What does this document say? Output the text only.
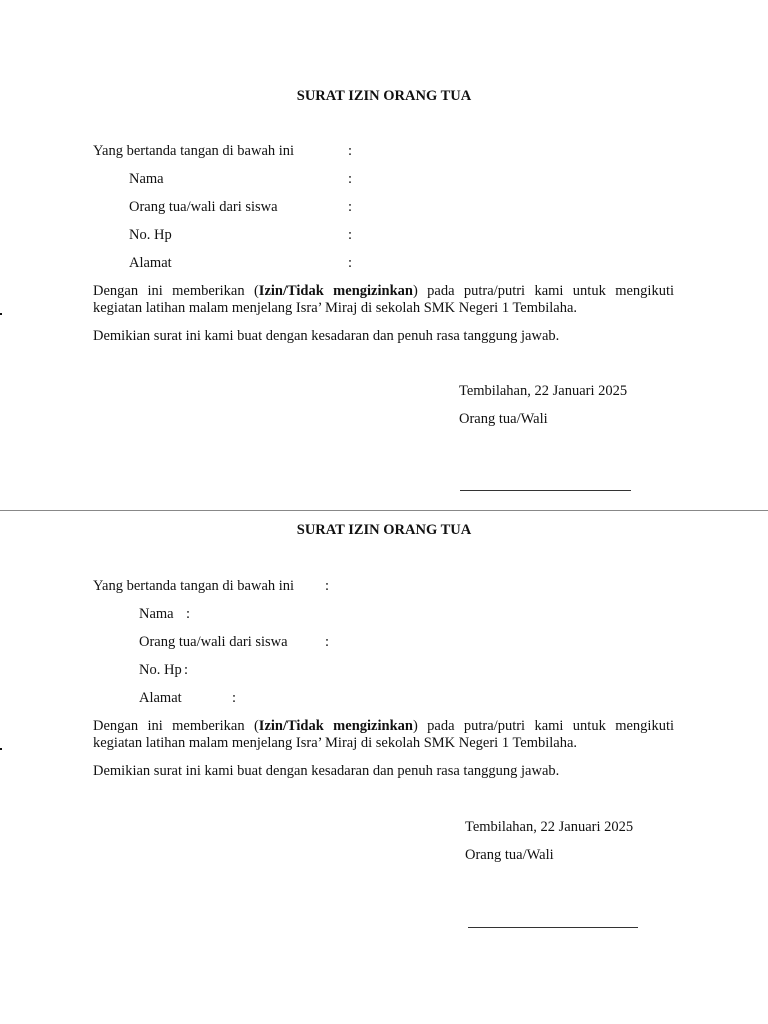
SURAT IZIN ORANG TUA
Yang bertanda tangan di bawah ini	:
Nama	:
Orang tua/wali dari siswa	:
No. Hp	:
Alamat	:
Dengan ini memberikan (Izin/Tidak mengizinkan) pada putra/putri kami untuk mengikuti kegiatan latihan malam menjelang Isra’ Miraj di sekolah SMK Negeri 1 Tembilaha.
Demikian surat ini kami buat dengan kesadaran dan penuh rasa tanggung jawab.
Tembilahan, 22 Januari 2025
Orang tua/Wali
SURAT IZIN ORANG TUA
Yang bertanda tangan di bawah ini :
Nama :
Orang tua/wali dari siswa	:
No. Hp :
Alamat	:
Dengan ini memberikan (Izin/Tidak mengizinkan) pada putra/putri kami untuk mengikuti kegiatan latihan malam menjelang Isra’ Miraj di sekolah SMK Negeri 1 Tembilaha.
Demikian surat ini kami buat dengan kesadaran dan penuh rasa tanggung jawab.
Tembilahan, 22 Januari 2025
Orang tua/Wali
